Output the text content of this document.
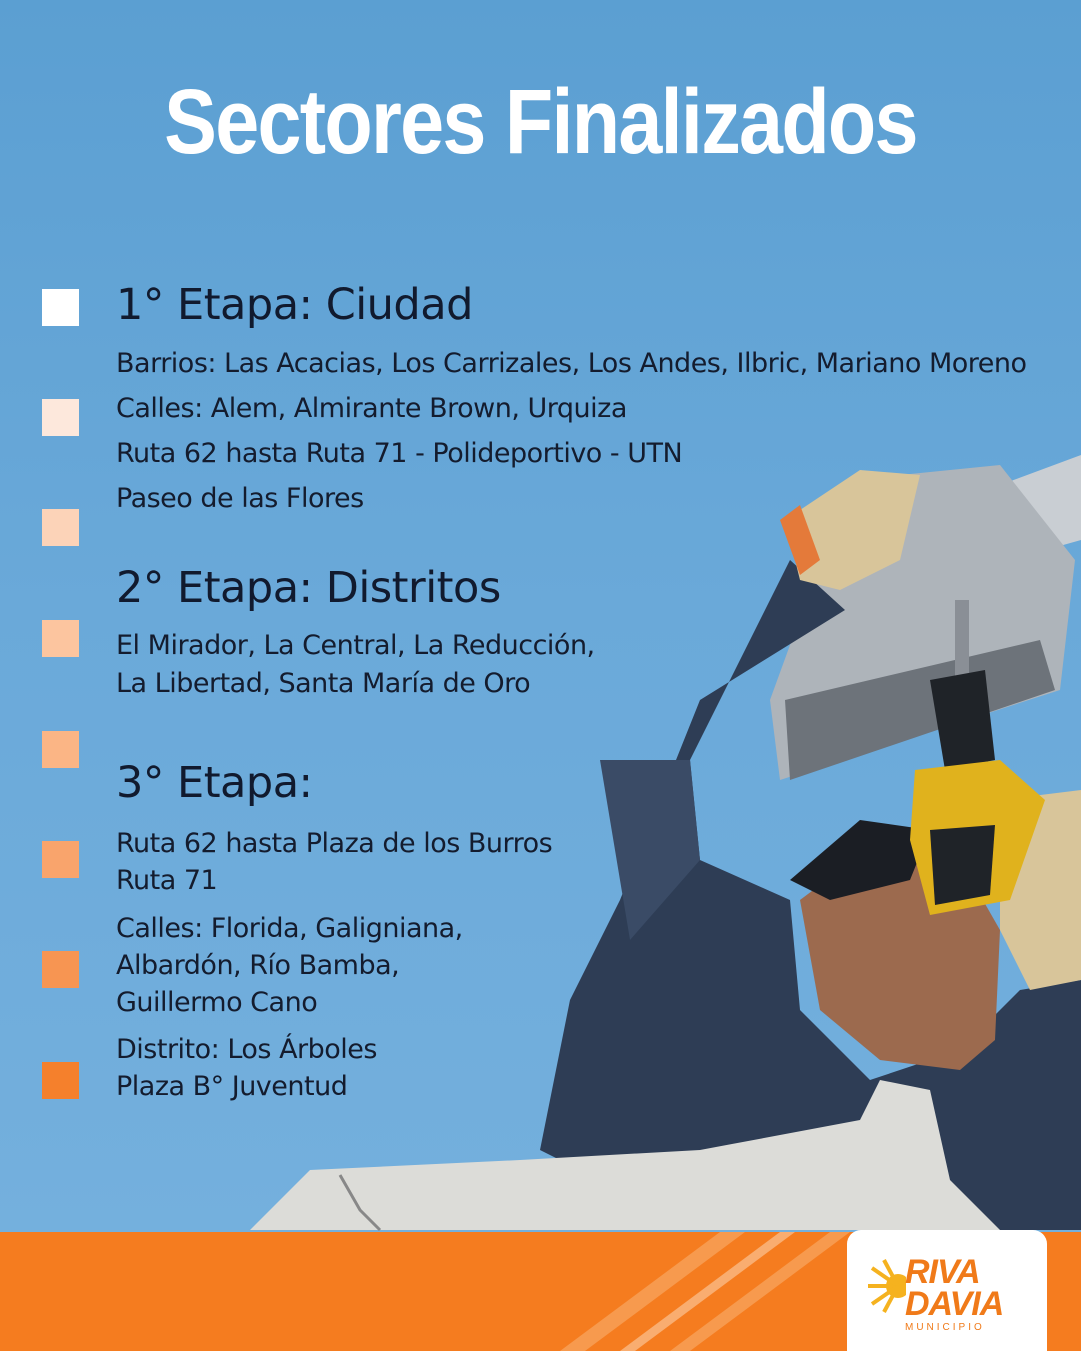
Sectores Finalizados
1° Etapa: Ciudad
Barrios: Las Acacias, Los Carrizales, Los Andes, Ilbric, Mariano Moreno
Calles: Alem, Almirante Brown, Urquiza
Ruta 62 hasta Ruta 71 - Polideportivo - UTN
Paseo de las Flores
2° Etapa: Distritos
El Mirador, La Central, La Reducción,
La Libertad, Santa María de Oro
3° Etapa:
Ruta 62 hasta Plaza de los Burros
Ruta 71
Calles: Florida, Galigniana,
Albardón, Río Bamba,
Guillermo Cano
Distrito: Los Árboles
Plaza B° Juventud
RIVA
DAVIA
MUNICIPIO
